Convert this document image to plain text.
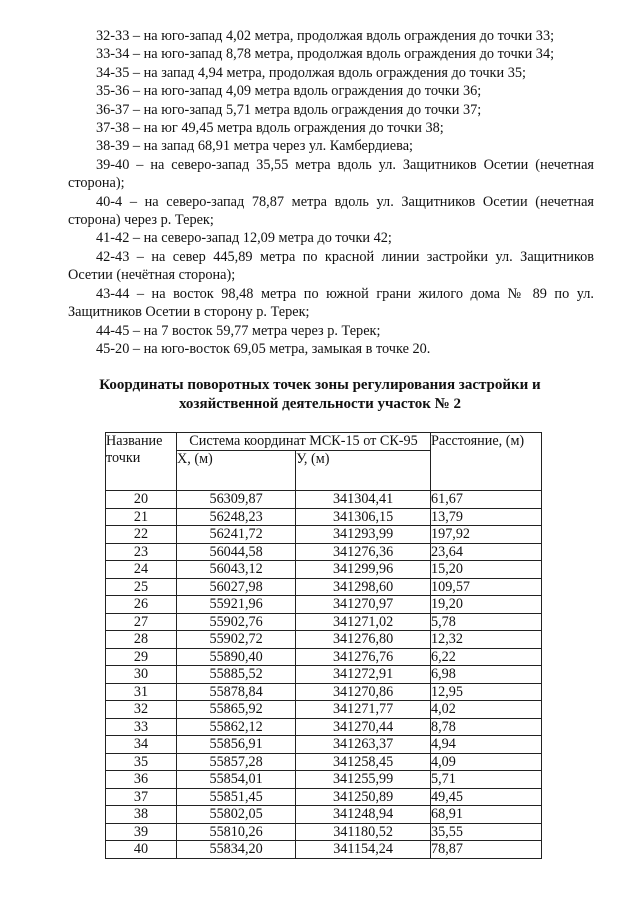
32-33 – на юго-запад 4,02 метра, продолжая вдоль ограждения до точки 33;

33-34 – на юго-запад 8,78 метра, продолжая вдоль ограждения до точки 34;

34-35 – на запад 4,94 метра, продолжая вдоль ограждения до точки 35;

35-36 – на юго-запад 4,09 метра вдоль ограждения до точки 36;

36-37 – на юго-запад 5,71 метра вдоль ограждения до точки 37;

37-38 – на юг 49,45 метра вдоль ограждения до точки 38;

38-39 – на запад 68,91 метра через ул. Камбердиева;

39-40 – на северо-запад 35,55 метра вдоль ул. Защитников Осетии (нечетная сторона);

40-4 – на северо-запад 78,87 метра вдоль ул. Защитников Осетии (нечетная сторона) через р. Терек;

41-42 – на северо-запад 12,09 метра до точки 42;

42-43 – на север 445,89 метра по красной линии застройки ул. Защитников Осетии (нечётная сторона);

43-44 – на восток 98,48 метра по южной грани жилого дома № 89 по ул. Защитников Осетии в сторону р. Терек;

44-45 – на 7 восток 59,77 метра через р. Терек;

45-20 – на юго-восток 69,05 метра, замыкая в точке 20.

Координаты поворотных точек зоны регулирования застройки и
хозяйственной деятельности участок № 2
Название
точки	Система координат МСК-15 от СК-95		Расстояние, (м)
	X, (м)	У, (м)	
20	56309,87	341304,41	61,67
21	56248,23	341306,15	13,79
22	56241,72	341293,99	197,92
23	56044,58	341276,36	23,64
24	56043,12	341299,96	15,20
25	56027,98	341298,60	109,57
26	55921,96	341270,97	19,20
27	55902,76	341271,02	5,78
28	55902,72	341276,80	12,32
29	55890,40	341276,76	6,22
30	55885,52	341272,91	6,98
31	55878,84	341270,86	12,95
32	55865,92	341271,77	4,02
33	55862,12	341270,44	8,78
34	55856,91	341263,37	4,94
35	55857,28	341258,45	4,09
36	55854,01	341255,99	5,71
37	55851,45	341250,89	49,45
38	55802,05	341248,94	68,91
39	55810,26	341180,52	35,55
40	55834,20	341154,24	78,87
